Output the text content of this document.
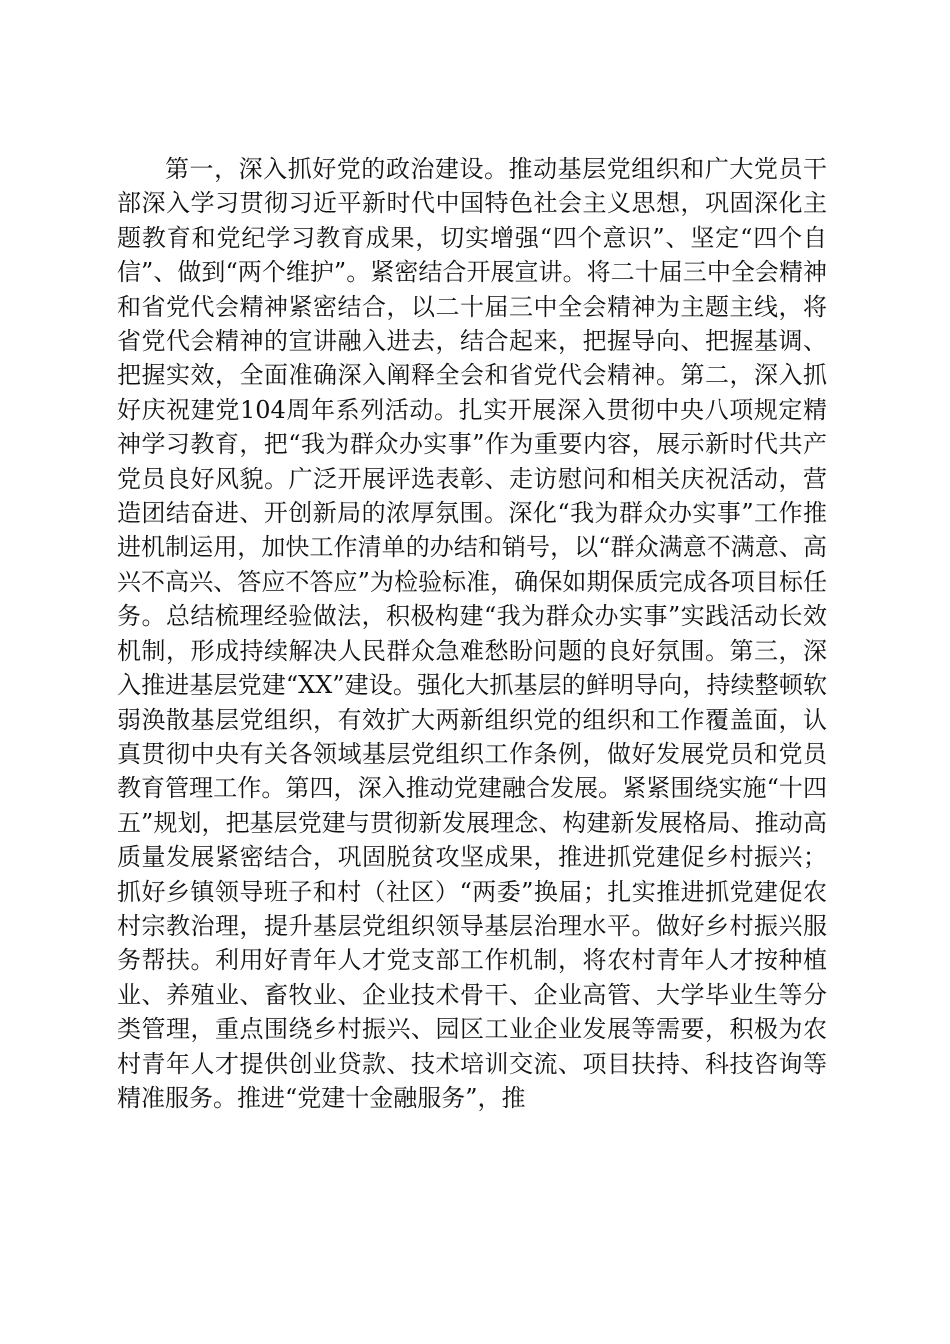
第一，深入抓好党的政治建设。推动基层党组织和广大党员干部深入学习贯彻习近平新时代中国特色社会主义思想，巩固深化主题教育和党纪学习教育成果，切实增强“四个意识”、坚定“四个自信”、做到“两个维护”。紧密结合开展宣讲。将二十届三中全会精神和省党代会精神紧密结合，以二十届三中全会精神为主题主线，将省党代会精神的宣讲融入进去，结合起来，把握导向、把握基调、把握实效，全面准确深入阐释全会和省党代会精神。第二，深入抓好庆祝建党104周年系列活动。扎实开展深入贯彻中央八项规定精神学习教育，把“我为群众办实事”作为重要内容，展示新时代共产党员良好风貌。广泛开展评选表彰、走访慰问和相关庆祝活动，营造团结奋进、开创新局的浓厚氛围。深化“我为群众办实事”工作推进机制运用，加快工作清单的办结和销号，以“群众满意不满意、高兴不高兴、答应不答应”为检验标准，确保如期保质完成各项目标任务。总结梳理经验做法，积极构建“我为群众办实事”实践活动长效机制，形成持续解决人民群众急难愁盼问题的良好氛围。第三，深入推进基层党建“XX”建设。强化大抓基层的鲜明导向，持续整顿软弱涣散基层党组织，有效扩大两新组织党的组织和工作覆盖面，认真贯彻中央有关各领域基层党组织工作条例，做好发展党员和党员教育管理工作。第四，深入推动党建融合发展。紧紧围绕实施“十四五”规划，把基层党建与贯彻新发展理念、构建新发展格局、推动高质量发展紧密结合，巩固脱贫攻坚成果，推进抓党建促乡村振兴；抓好乡镇领导班子和村（社区）“两委”换届；扎实推进抓党建促农村宗教治理，提升基层党组织领导基层治理水平。做好乡村振兴服务帮扶。利用好青年人才党支部工作机制，将农村青年人才按种植业、养殖业、畜牧业、企业技术骨干、企业高管、大学毕业生等分类管理，重点围绕乡村振兴、园区工业企业发展等需要，积极为农村青年人才提供创业贷款、技术培训交流、项目扶持、科技咨询等精准服务。推进“党建十金融服务”，推
